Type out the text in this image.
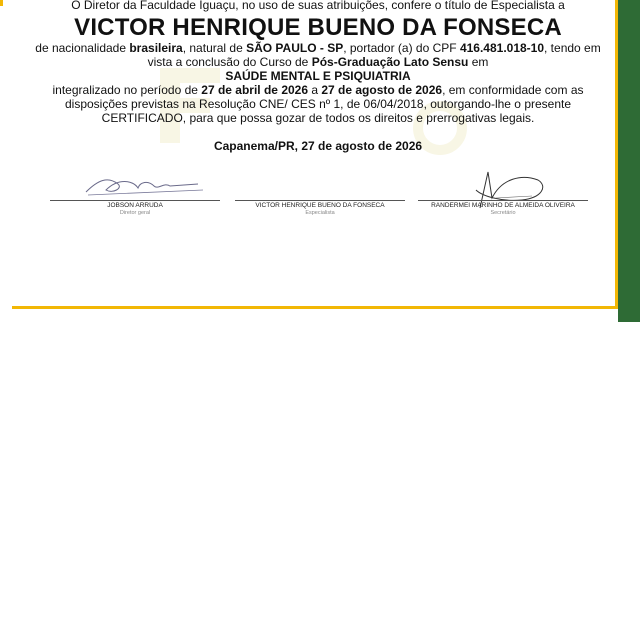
O Diretor da Faculdade Iguaçu, no uso de suas atribuições, confere o título de Especialista a
VICTOR HENRIQUE BUENO DA FONSECA
de nacionalidade brasileira, natural de SÃO PAULO - SP, portador (a) do CPF 416.481.018-10, tendo em
vista a conclusão do Curso de Pós-Graduação Lato Sensu em
SAÚDE MENTAL E PSIQUIATRIA
integralizado no período de 27 de abril de 2026 a 27 de agosto de 2026, em conformidade com as
disposições previstas na Resolução CNE/ CES nº 1, de 06/04/2018, outorgando-lhe o presente
CERTIFICADO, para que possa gozar de todos os direitos e prerrogativas legais.
Capanema/PR, 27 de agosto de 2026
JOBSON ARRUDA
Diretor geral
VICTOR HENRIQUE BUENO DA FONSECA
Especialista
RANDERMEI MARINHO DE ALMEIDA OLIVEIRA
Secretário
